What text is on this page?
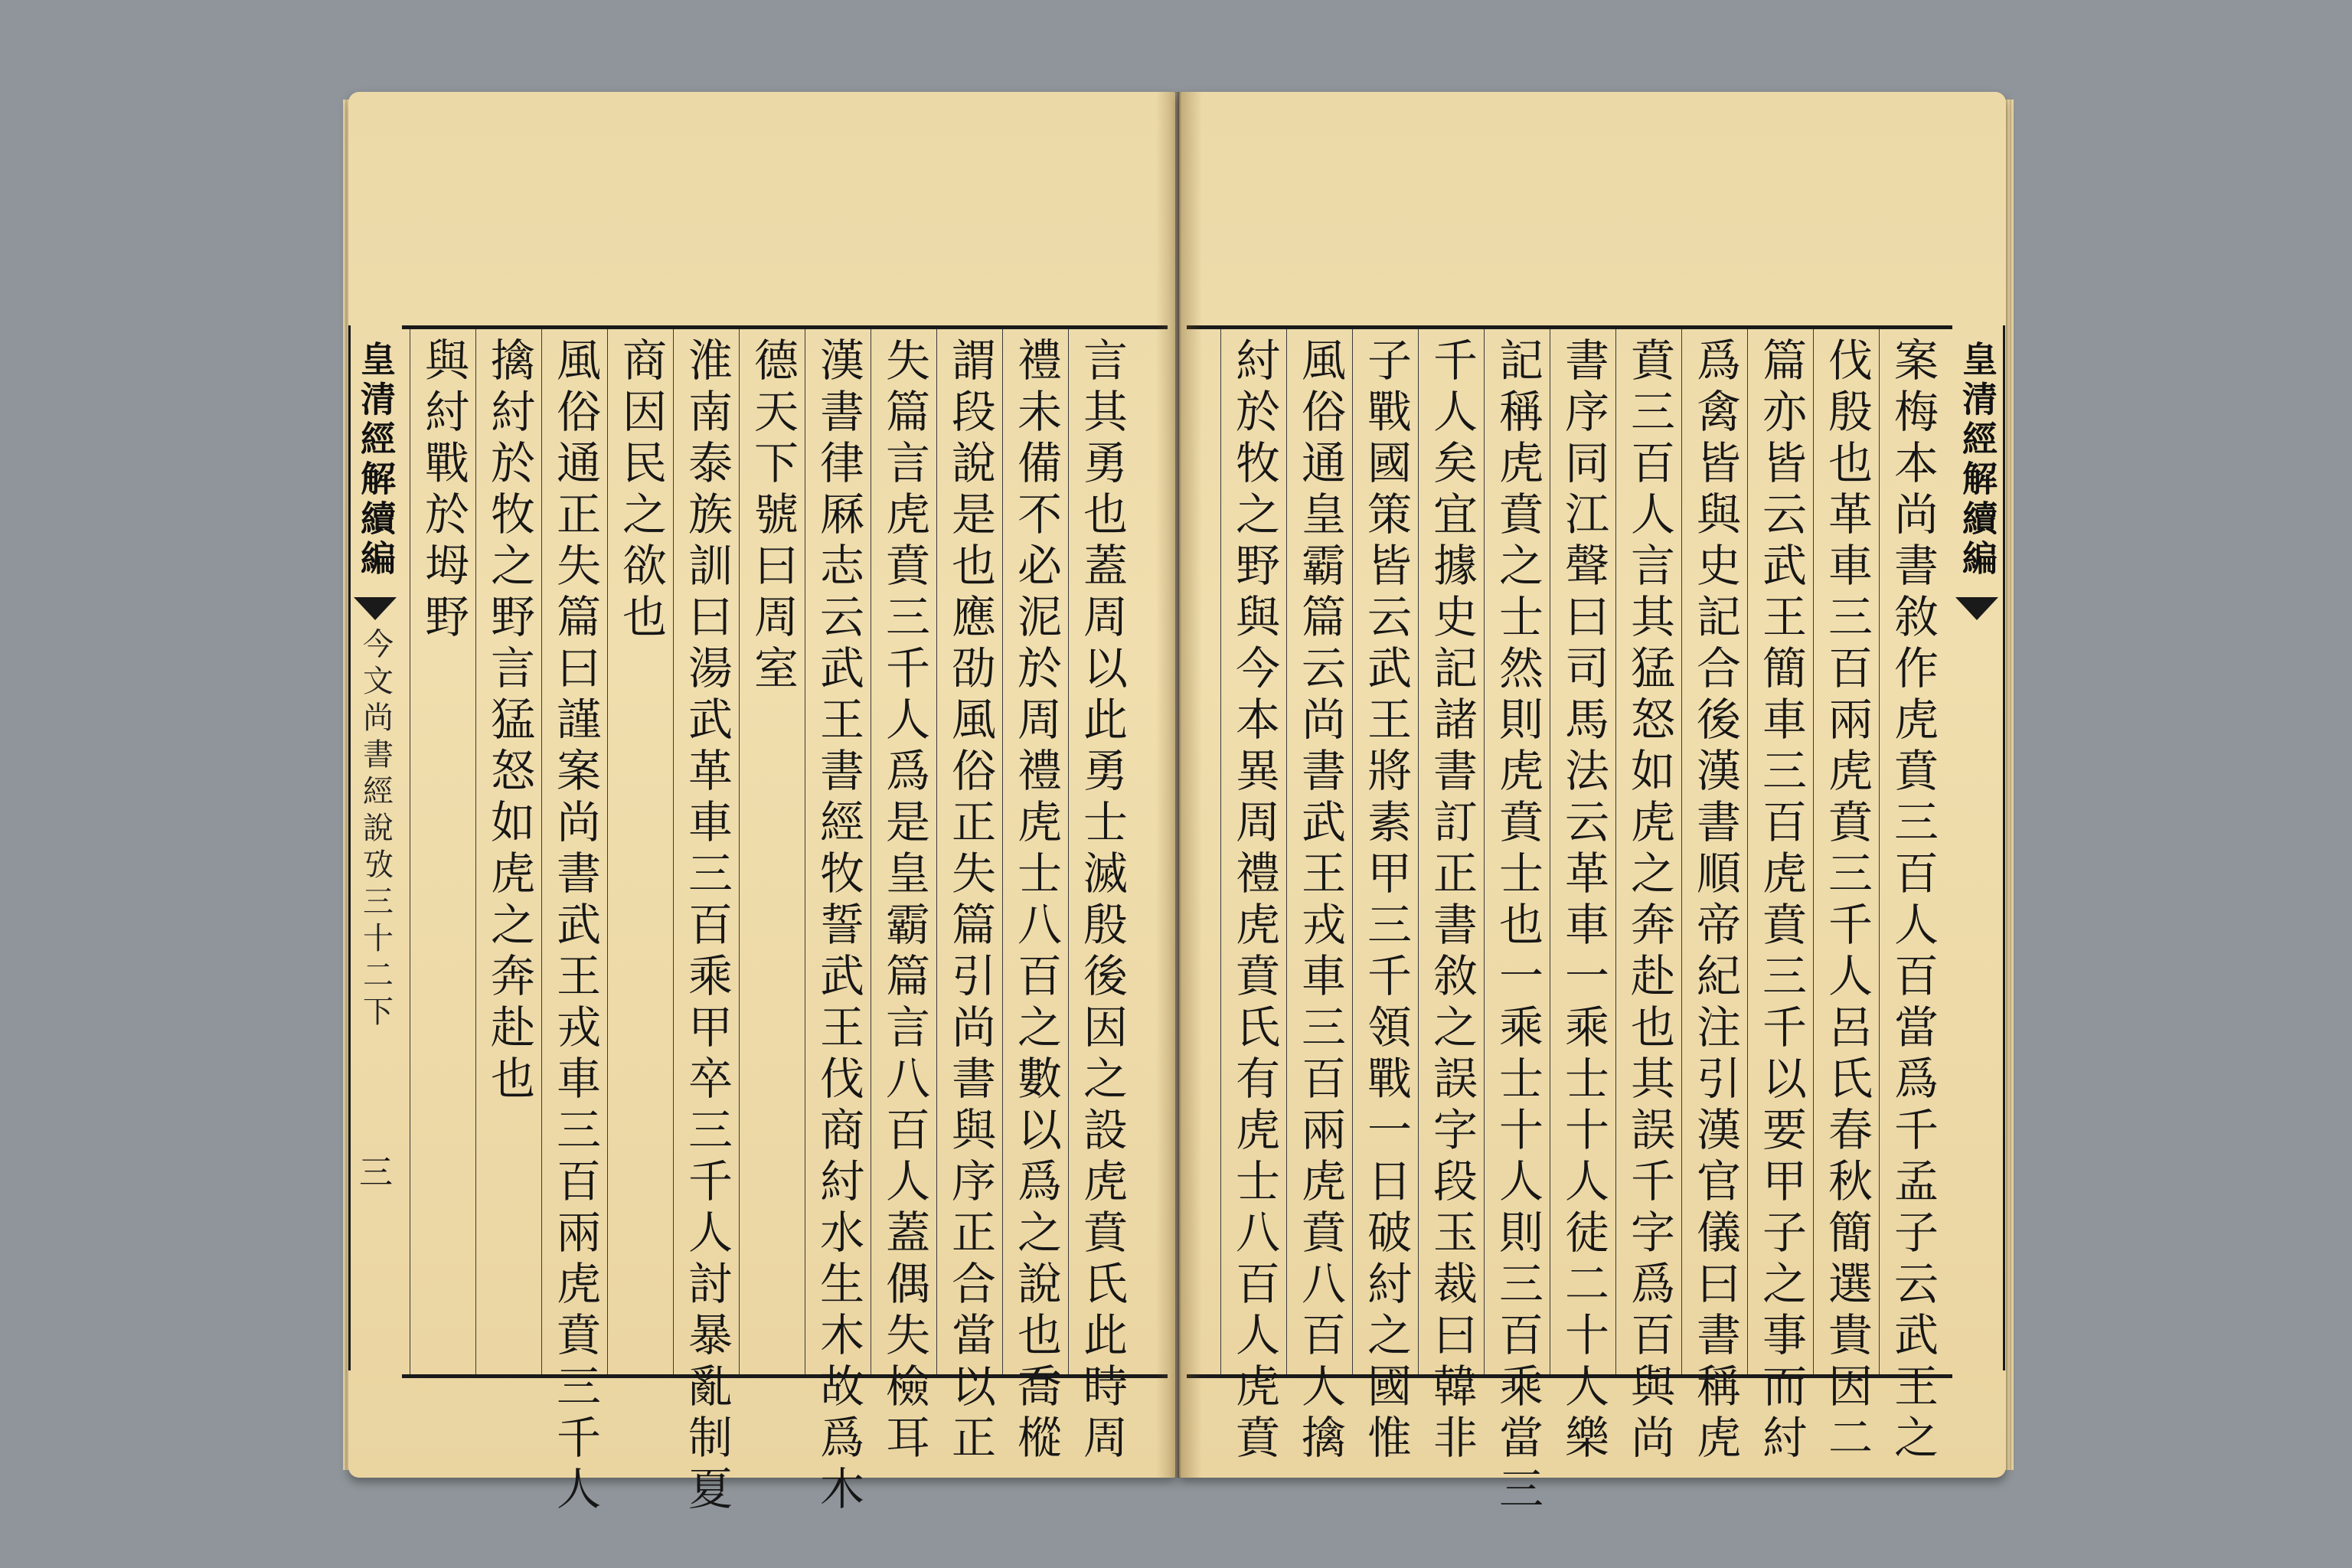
與紂戰於坶野 擒紂於牧之野言猛怒如虎之奔赴也 風俗通正失篇曰謹案尚書武王戎車三百兩虎賁三千人 商因民之欲也 淮南泰族訓曰湯武革車三百乘甲卒三千人討暴亂制夏 德天下號曰周室 漢書律厤志云武王書經牧誓武王伐商紂水生木故爲木 失篇言虎賁三千人爲是皇霸篇言八百人蓋偶失檢耳 謂段說是也應劭風俗正失篇引尚書與序正合當以正 禮未備不必泥於周禮虎士八百之數以爲之說也喬樅 言其勇也蓋周以此勇士滅殷後因之設虎賁氏此時周
皇清經解續編
今文尚書經說攷三十二下
三	案梅本尚書敘作虎賁三百人百當爲千孟子云武王之
伐殷也革車三百兩虎賁三千人呂氏春秋簡選貴因二
篇亦皆云武王簡車三百虎賁三千以要甲子之事而紂
爲禽皆與史記合後漢書順帝紀注引漢官儀曰書稱虎
賁三百人言其猛怒如虎之奔赴也其誤千字爲百與尚
書序同江聲曰司馬法云革車一乘士十人徒二十人樂
記稱虎賁之士然則虎賁士也一乘士十人則三百乘當三
千人矣宜據史記諸書訂正書敘之誤字段玉裁曰韓非
子戰國策皆云武王將素甲三千領戰一日破紂之國惟
風俗通皇霸篇云尚書武王戎車三百兩虎賁八百人擒
紂於牧之野與今本異周禮虎賁氏有虎士八百人虎賁	皇清經解續編
